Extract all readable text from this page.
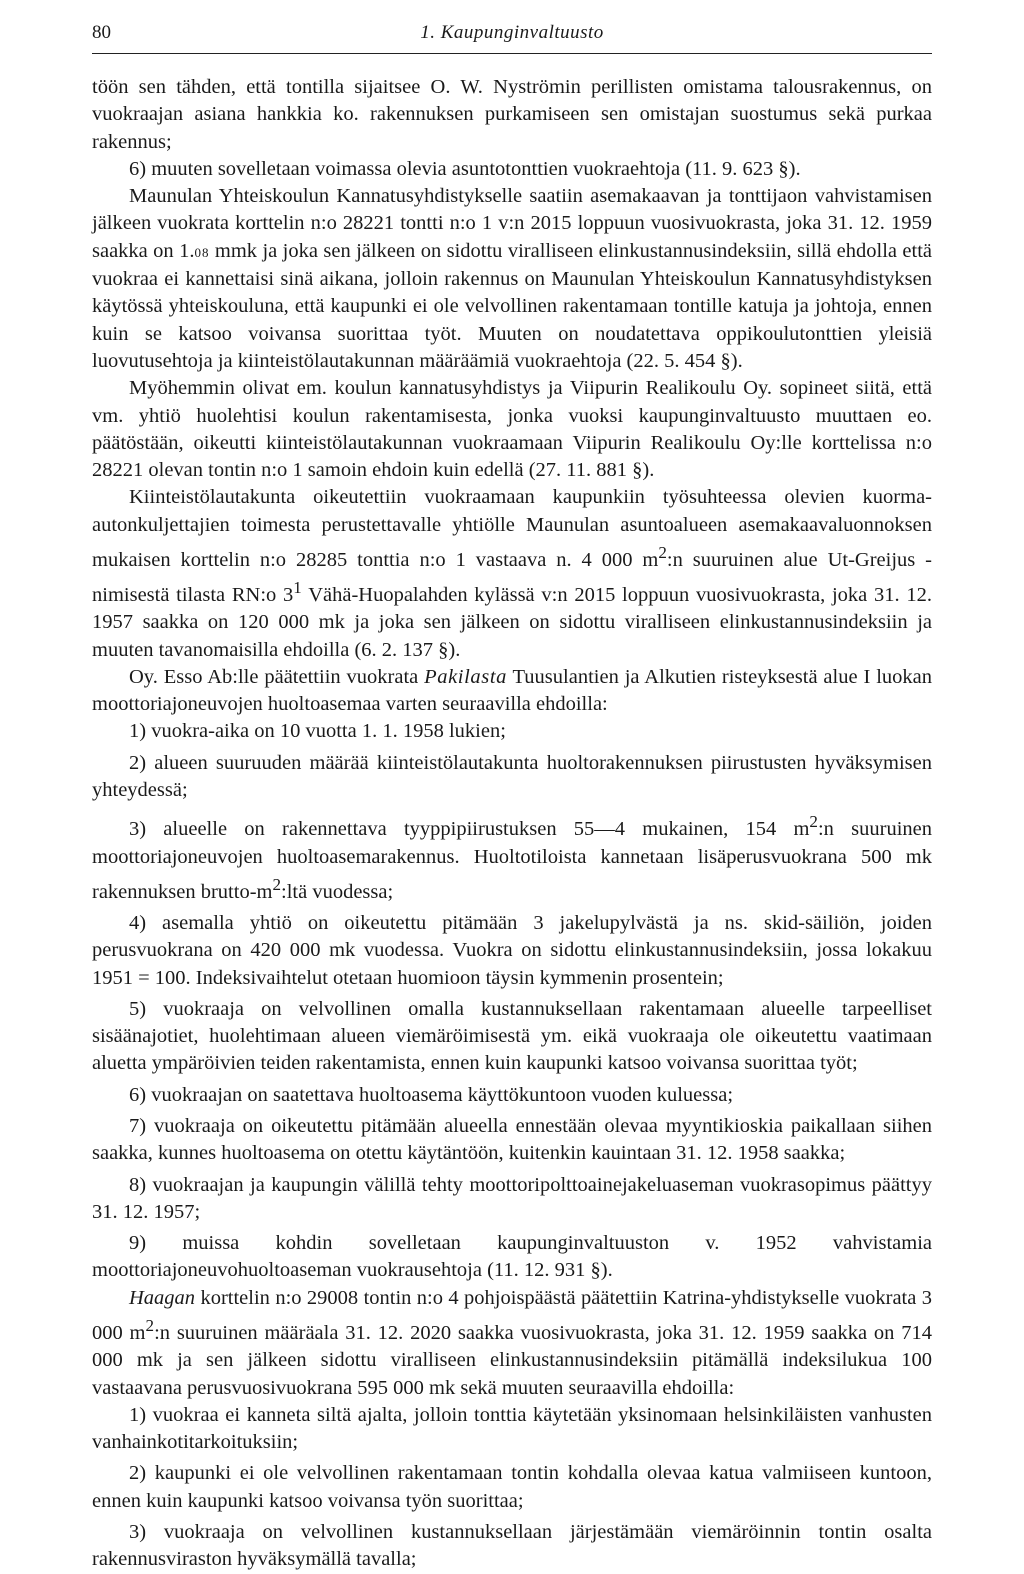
80	1. Kaupunginvaltuusto

töön sen tähden, että tontilla sijaitsee O. W. Nyströmin perillisten omistama talousrakennus, on vuokraajan asiana hankkia ko. rakennuksen purkamiseen sen omistajan suostumus sekä purkaa rakennus;

6) muuten sovelletaan voimassa olevia asuntotonttien vuokraehtoja (11. 9. 623 §).

Maunulan Yhteiskoulun Kannatusyhdistykselle saatiin asemakaavan ja tonttijaon vahvistamisen jälkeen vuokrata korttelin n:o 28221 tontti n:o 1 v:n 2015 loppuun vuosivuokrasta, joka 31. 12. 1959 saakka on 1.08 mmk ja joka sen jälkeen on sidottu viralliseen elinkustannusindeksiin, sillä ehdolla että vuokraa ei kannettaisi sinä aikana, jolloin rakennus on Maunulan Yhteiskoulun Kannatusyhdistyksen käytössä yhteiskouluna, että kaupunki ei ole velvollinen rakentamaan tontille katuja ja johtoja, ennen kuin se katsoo voivansa suorittaa työt. Muuten on noudatettava oppikoulutonttien yleisiä luovutusehtoja ja kiinteistölautakunnan määräämiä vuokraehtoja (22. 5. 454 §).

Myöhemmin olivat em. koulun kannatusyhdistys ja Viipurin Realikoulu Oy. sopineet siitä, että vm. yhtiö huolehtisi koulun rakentamisesta, jonka vuoksi kaupunginvaltuusto muuttaen eo. päätöstään, oikeutti kiinteistölautakunnan vuokraamaan Viipurin Realikoulu Oy:lle korttelissa n:o 28221 olevan tontin n:o 1 samoin ehdoin kuin edellä (27. 11. 881 §).

Kiinteistölautakunta oikeutettiin vuokraamaan kaupunkiin työsuhteessa olevien kuorma-autonkuljettajien toimesta perustettavalle yhtiölle Maunulan asuntoalueen asemakaavaluonnoksen mukaisen korttelin n:o 28285 tonttia n:o 1 vastaava n. 4 000 $m^2:n$ suuruinen alue Ut-Greijus -nimisestä tilasta RN:o $3^1$ Vähä-Huopalahden kylässä v:n 2015 loppuun vuosivuokrasta, joka 31. 12. 1957 saakka on 120 000 mk ja joka sen jälkeen on sidottu viralliseen elinkustannusindeksiin ja muuten tavanomaisilla ehdoilla (6. 2. 137 §).

Oy. Esso Ab:lle päätettiin vuokrata Pakilasta Tuusulantien ja Alkutien risteyksestä alue I luokan moottoriajoneuvojen huoltoasemaa varten seuraavilla ehdoilla:

1) vuokra-aika on 10 vuotta 1. 1. 1958 lukien;

2) alueen suuruuden määrää kiinteistölautakunta huoltorakennuksen piirustusten hyväksymisen yhteydessä;

3) alueelle on rakennettava tyyppipiirustuksen 55—4 mukainen, 154 $m^2:n$ suuruinen moottoriajoneuvojen huoltoasemarakennus. Huoltotiloista kannetaan lisäperusvuokrana 500 mk rakennuksen brutto-$m^2:ltä$ vuodessa;

4) asemalla yhtiö on oikeutettu pitämään 3 jakelupylvästä ja ns. skid-säiliön, joiden perusvuokrana on 420 000 mk vuodessa. Vuokra on sidottu elinkustannusindeksiin, jossa lokakuu 1951 = 100. Indeksivaihtelut otetaan huomioon täysin kymmenin prosentein;

5) vuokraaja on velvollinen omalla kustannuksellaan rakentamaan alueelle tarpeelliset sisäänajotiet, huolehtimaan alueen viemäröimisestä ym. eikä vuokraaja ole oikeutettu vaatimaan aluetta ympäröivien teiden rakentamista, ennen kuin kaupunki katsoo voivansa suorittaa työt;

6) vuokraajan on saatettava huoltoasema käyttökuntoon vuoden kuluessa;

7) vuokraaja on oikeutettu pitämään alueella ennestään olevaa myyntikioskia paikallaan siihen saakka, kunnes huoltoasema on otettu käytäntöön, kuitenkin kauintaan 31. 12. 1958 saakka;

8) vuokraajan ja kaupungin välillä tehty moottoripolttoainejakeluaseman vuokrasopimus päättyy 31. 12. 1957;

9) muissa kohdin sovelletaan kaupunginvaltuuston v. 1952 vahvistamia moottoriajoneuvohuoltoaseman vuokrausehtoja (11. 12. 931 §).

Haagan korttelin n:o 29008 tontin n:o 4 pohjoispäästä päätettiin Katrina-yhdistykselle vuokrata 3 000 $m^2:n$ suuruinen määräala 31. 12. 2020 saakka vuosivuokrasta, joka 31. 12. 1959 saakka on 714 000 mk ja sen jälkeen sidottu viralliseen elinkustannusindeksiin pitämällä indeksilukua 100 vastaavana perusvuosivuokrana 595 000 mk sekä muuten seuraavilla ehdoilla:

1) vuokraa ei kanneta siltä ajalta, jolloin tonttia käytetään yksinomaan helsinkiläisten vanhusten vanhainkotitarkoituksiin;

2) kaupunki ei ole velvollinen rakentamaan tontin kohdalla olevaa katua valmiiseen kuntoon, ennen kuin kaupunki katsoo voivansa työn suorittaa;

3) vuokraaja on velvollinen kustannuksellaan järjestämään viemäröinnin tontin osalta rakennusviraston hyväksymällä tavalla;
